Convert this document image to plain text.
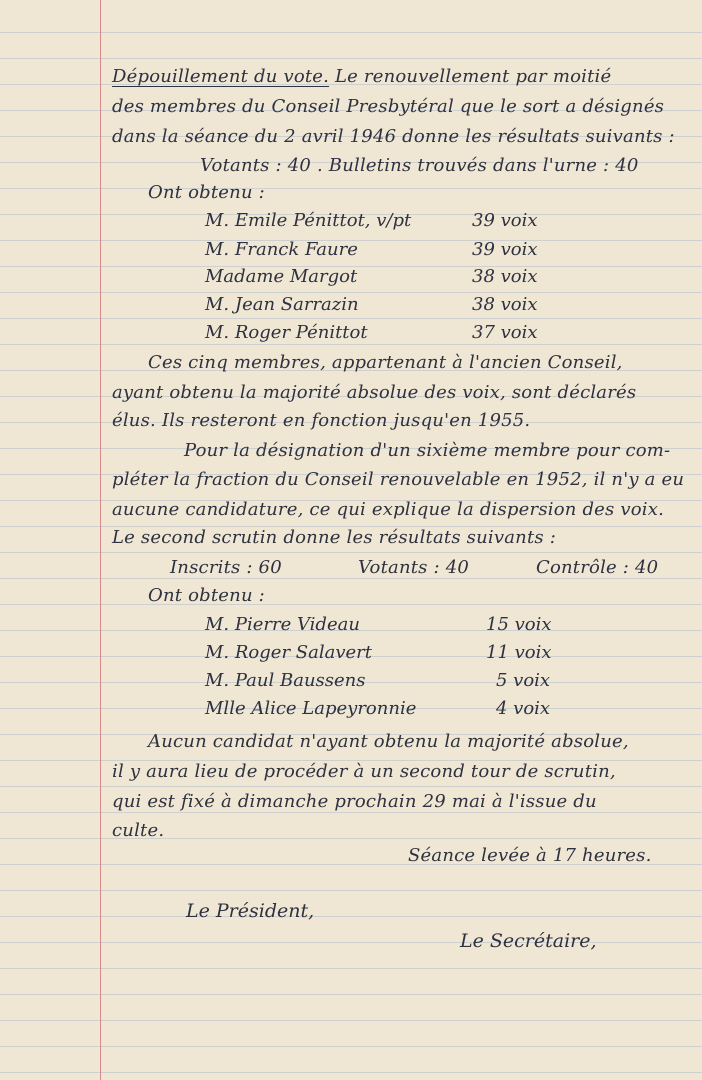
Dépouillement du vote. Le renouvellement par moitié
des membres du Conseil Presbytéral que le sort a désignés
dans la séance du 2 avril 1946 donne les résultats suivants :
Votants : 40 . Bulletins trouvés dans l'urne : 40
Ont obtenu :
M. Emile Pénittot, v/pt	39 voix
M. Franck Faure	39 voix
Madame Margot	38 voix
M. Jean Sarrazin	38 voix
M. Roger Pénittot	37 voix
Ces cinq membres, appartenant à l'ancien Conseil,
ayant obtenu la majorité absolue des voix, sont déclarés
élus. Ils resteront en fonction jusqu'en 1955.
Pour la désignation d'un sixième membre pour com-
pléter la fraction du Conseil renouvelable en 1952, il n'y a eu
aucune candidature, ce qui explique la dispersion des voix.
Le second scrutin donne les résultats suivants :
Inscrits : 60	Votants : 40	Contrôle : 40
Ont obtenu :
M. Pierre Videau	15 voix
M. Roger Salavert	11 voix
M. Paul Baussens	5 voix
Mlle Alice Lapeyronnie	4 voix
Aucun candidat n'ayant obtenu la majorité absolue,
il y aura lieu de procéder à un second tour de scrutin,
qui est fixé à dimanche prochain 29 mai à l'issue du
culte.
Séance levée à 17 heures.
Le Président,
Le Secrétaire,
